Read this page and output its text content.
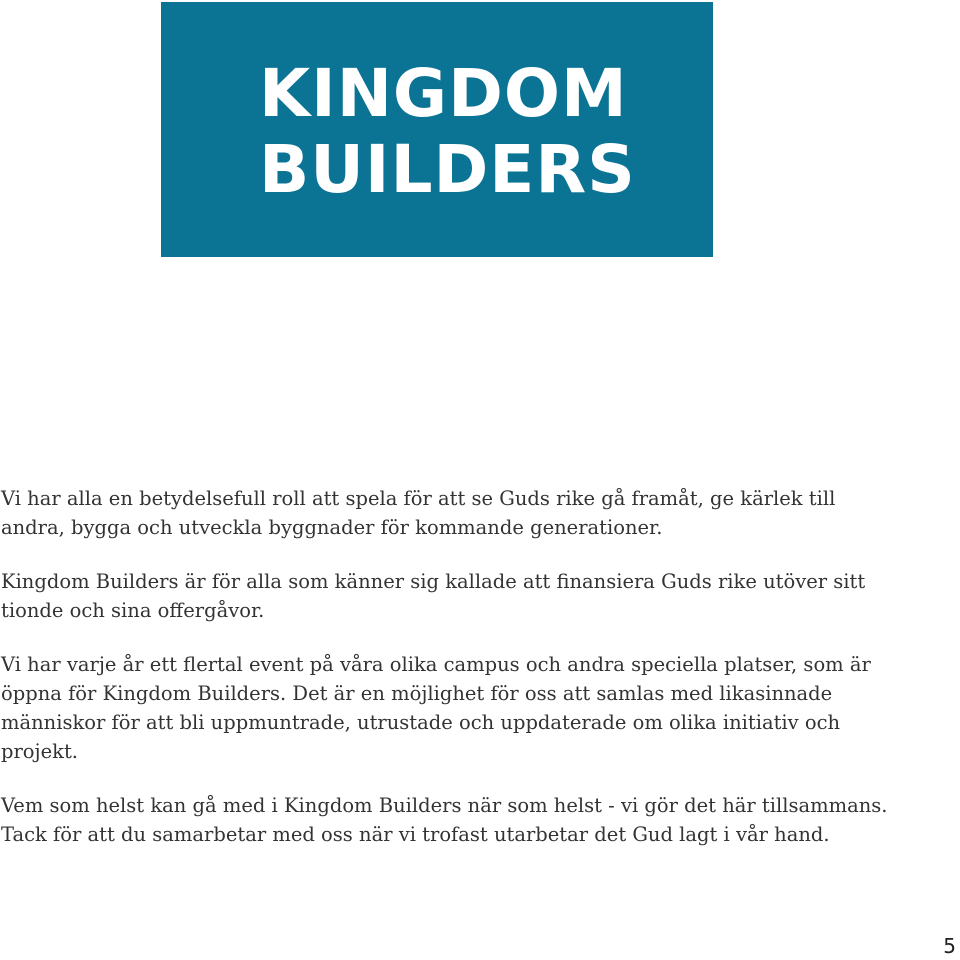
KINGDOM
BUILDERS

Vi har alla en betydelsefull roll att spela för att se Guds rike gå framåt, ge kärlek till andra, bygga och utveckla byggnader för kommande generationer.

Kingdom Builders är för alla som känner sig kallade att finansiera Guds rike utöver sitt tionde och sina offergåvor.

Vi har varje år ett flertal event på våra olika campus och andra speciella platser, som är öppna för Kingdom Builders. Det är en möjlighet för oss att samlas med likasinnade människor för att bli uppmuntrade, utrustade och uppdaterade om olika initiativ och projekt.

Vem som helst kan gå med i Kingdom Builders när som helst - vi gör det här tillsammans. Tack för att du samarbetar med oss när vi trofast utarbetar det Gud lagt i vår hand.

5
